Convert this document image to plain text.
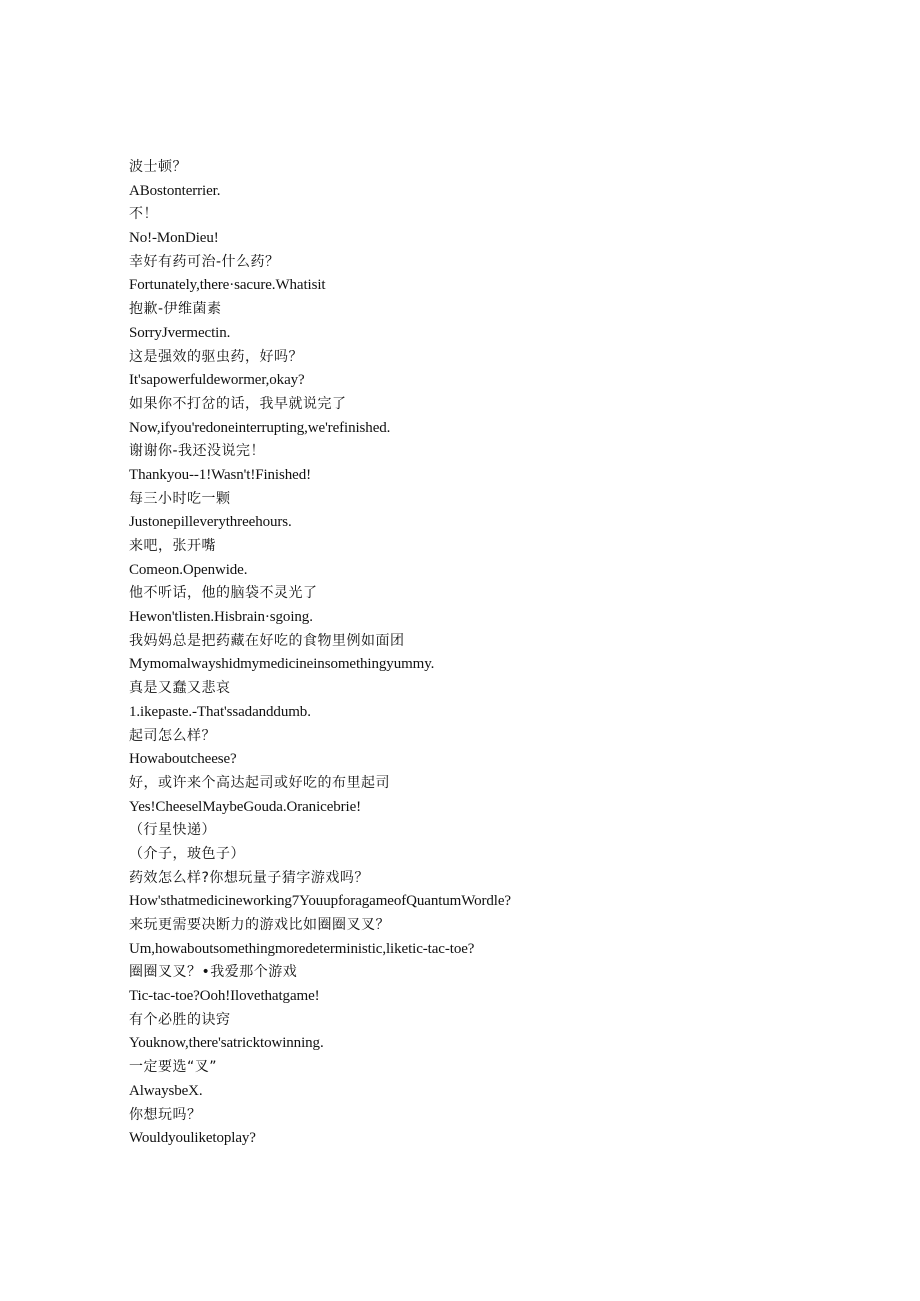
波士顿？
ABostonterrier.
不！
No!-MonDieu!
幸好有药可治-什么药？
Fortunately,there·sacure.Whatisit
抱歉-伊维菌素
SorryJvermectin.
这是强效的驱虫药，好吗？
It'sapowerfuldewormer,okay?
如果你不打岔的话，我早就说完了
Now,ifyou'redoneinterrupting,we'refinished.
谢谢你-我还没说完！
Thankyou--1!Wasn't!Finished!
每三小时吃一颗
Justonepilleverythreehours.
来吧，张开嘴
Comeon.Openwide.
他不听话，他的脑袋不灵光了
Hewon'tlisten.Hisbrain·sgoing.
我妈妈总是把药藏在好吃的食物里例如面团
Mymomalwayshidmymedicineinsomethingyummy.
真是又蠢又悲哀
1.ikepaste.-That'ssadanddumb.
起司怎么样？
Howaboutcheese?
好，或许来个高达起司或好吃的布里起司
Yes!CheeselMaybeGouda.Oranicebrie!
（行星快递）
（介子，玻色子）
药效怎么样?你想玩量子猜字游戏吗？
How'sthatmedicineworking7YouupforagameofQuantumWordle?
来玩更需要决断力的游戏比如圈圈叉叉？
Um,howaboutsomethingmoredeterministic,liketic-tac-toe?
圈圈叉叉？•我爱那个游戏
Tic-tac-toe?Ooh!Ilovethatgame!
有个必胜的诀窍
Youknow,there'satricktowinning.
一定要选“叉”
AlwaysbeX.
你想玩吗？
Wouldyouliketoplay?
